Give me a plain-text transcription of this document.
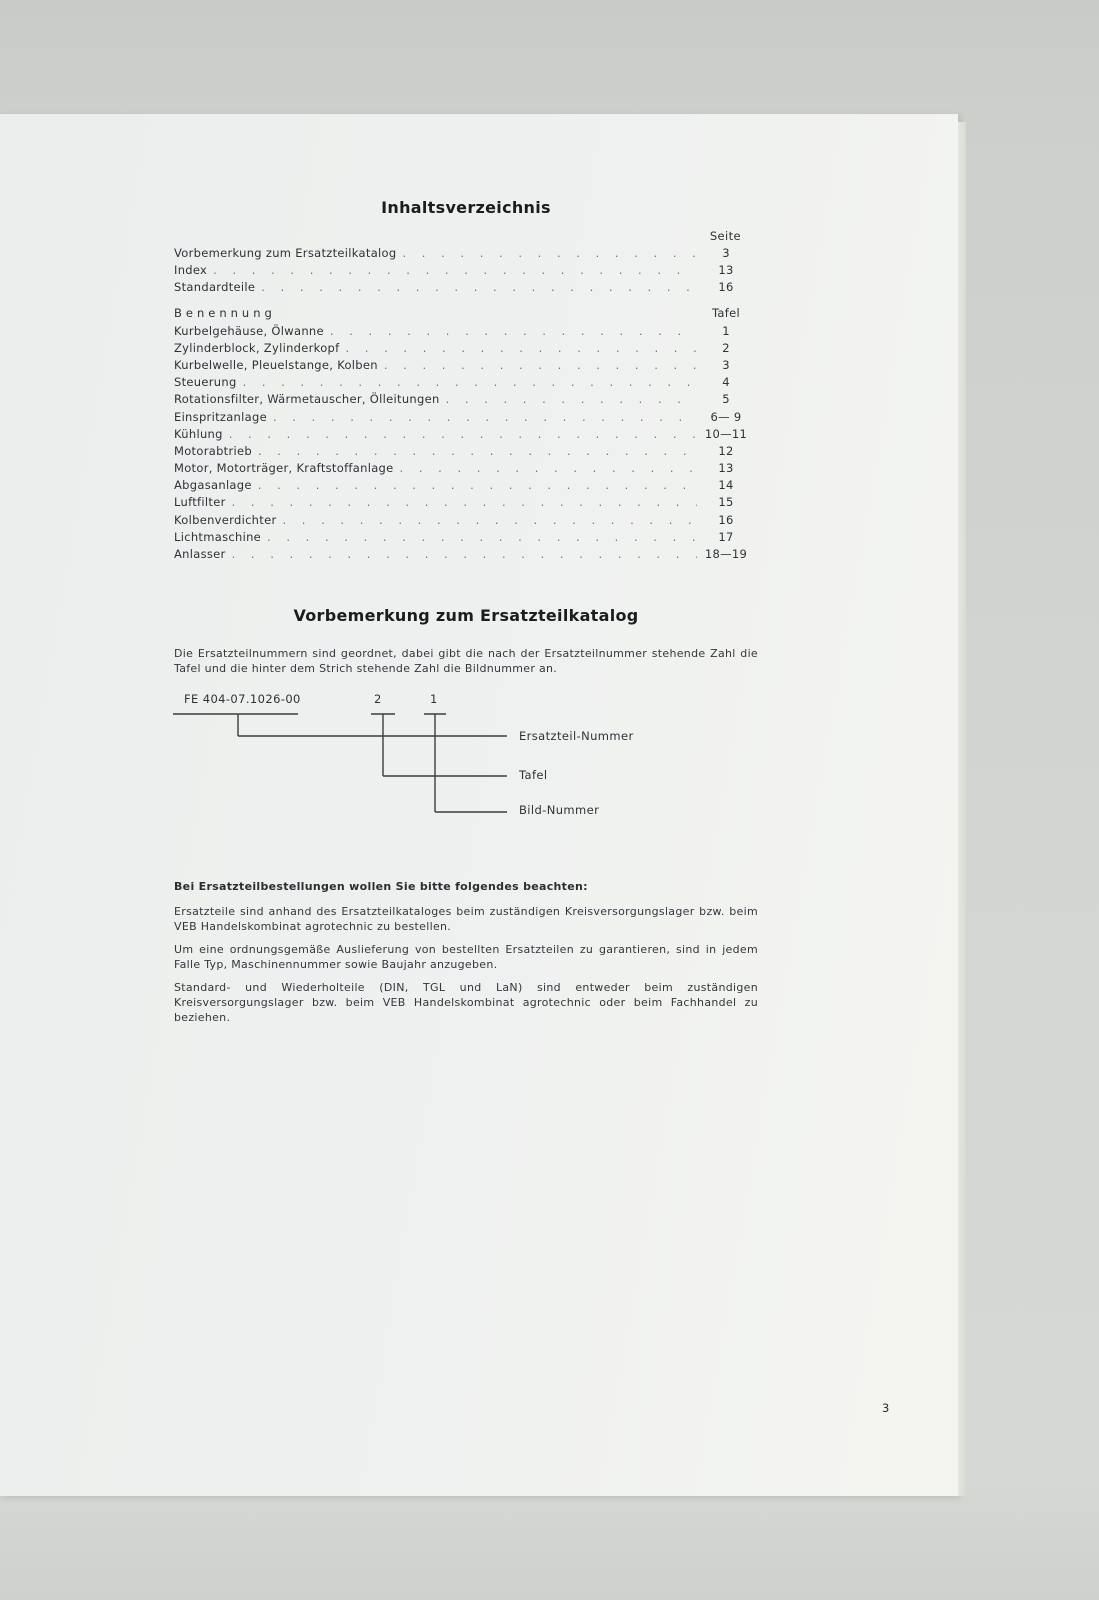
Inhaltsverzeichnis
Seite
Vorbemerkung zum Ersatzteilkatalog . . .	3
Index . . .	13
Standardteile . . .	16
Benennung	Tafel
Kurbelgehäuse, Ölwanne . . .	1
Zylinderblock, Zylinderkopf . . .	2
Kurbelwelle, Pleuelstange, Kolben . . .	3
Steuerung . . .	4
Rotationsfilter, Wärmetauscher, Ölleitungen . . .	5
Einspritzanlage . . .	6— 9
Kühlung . . .	10—11
Motorabtrieb . . .	12
Motor, Motorträger, Kraftstoffanlage . . .	13
Abgasanlage . . .	14
Luftfilter . . .	15
Kolbenverdichter . . .	16
Lichtmaschine . . .	17
Anlasser . . .	18—19
Vorbemerkung zum Ersatzteilkatalog

Die Ersatzteilnummern sind geordnet, dabei gibt die nach der Ersatzteilnummer stehende Zahl die Tafel und die hinter dem Strich stehende Zahl die Bildnummer an.

FE 404-07.1026-00	2	1
Ersatzteil-Nummer
Tafel
Bild-Nummer

Bei Ersatzteilbestellungen wollen Sie bitte folgendes beachten:

Ersatzteile sind anhand des Ersatzteilkataloges beim zuständigen Kreisversorgungslager bzw. beim VEB Handelskombinat agrotechnic zu bestellen.

Um eine ordnungsgemäße Auslieferung von bestellten Ersatzteilen zu garantieren, sind in jedem Falle Typ, Maschinennummer sowie Baujahr anzugeben.

Standard- und Wiederholteile (DIN, TGL und LaN) sind entweder beim zuständigen Kreisversorgungslager bzw. beim VEB Handelskombinat agrotechnic oder beim Fachhandel zu beziehen.

3
